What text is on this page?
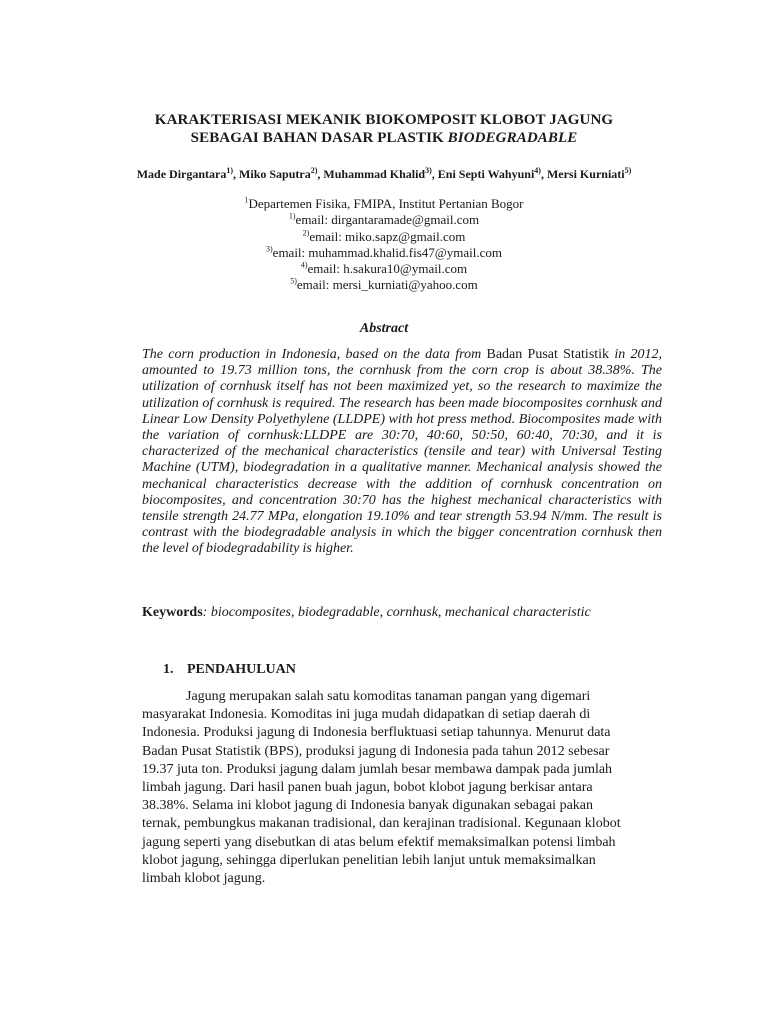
KARAKTERISASI MEKANIK BIOKOMPOSIT KLOBOT JAGUNG
SEBAGAI BAHAN DASAR PLASTIK BIODEGRADABLE
Made Dirgantara$^{1)}$, Miko Saputra$^{2)}$, Muhammad Khalid$^{3)}$, Eni Septi Wahyuni$^{4)}$, Mersi Kurniati$^{5)}$
$^1$Departemen Fisika, FMIPA, Institut Pertanian Bogor
$^{1)}$email: dirgantaramade@gmail.com
$^{2)}$email: miko.sapz@gmail.com
$^{3)}$email: muhammad.khalid.fis47@ymail.com
$^{4)}$email: h.sakura10@ymail.com
$^{5)}$email: mersi_kurniati@yahoo.com
Abstract
The corn production in Indonesia, based on the data from Badan Pusat Statistik in 2012, amounted to 19.73 million tons, the cornhusk from the corn crop is about 38.38%. The utilization of cornhusk itself has not been maximized yet, so the research to maximize the utilization of cornhusk is required. The research has been made biocomposites cornhusk and Linear Low Density Polyethylene (LLDPE) with hot press method. Biocomposites made with the variation of cornhusk:LLDPE are 30:70, 40:60, 50:50, 60:40, 70:30, and it is characterized of the mechanical characteristics (tensile and tear) with Universal Testing Machine (UTM), biodegradation in a qualitative manner. Mechanical analysis showed the mechanical characteristics decrease with the addition of cornhusk concentration on biocomposites, and concentration 30:70 has the highest mechanical characteristics with tensile strength 24.77 MPa, elongation 19.10% and tear strength 53.94 N/mm. The result is contrast with the biodegradable analysis in which the bigger concentration cornhusk then the level of biodegradability is higher.
Keywords: biocomposites, biodegradable, cornhusk, mechanical characteristic
1. PENDAHULUAN
Jagung merupakan salah satu komoditas tanaman pangan yang digemari
masyarakat Indonesia. Komoditas ini juga mudah didapatkan di setiap daerah di
Indonesia. Produksi jagung di Indonesia berfluktuasi setiap tahunnya. Menurut data
Badan Pusat Statistik (BPS), produksi jagung di Indonesia pada tahun 2012 sebesar
19.37 juta ton. Produksi jagung dalam jumlah besar membawa dampak pada jumlah
limbah jagung. Dari hasil panen buah jagun, bobot klobot jagung berkisar antara
38.38%. Selama ini klobot jagung di Indonesia banyak digunakan sebagai pakan
ternak, pembungkus makanan tradisional, dan kerajinan tradisional. Kegunaan klobot
jagung seperti yang disebutkan di atas belum efektif memaksimalkan potensi limbah
klobot jagung, sehingga diperlukan penelitian lebih lanjut untuk memaksimalkan
limbah klobot jagung.
